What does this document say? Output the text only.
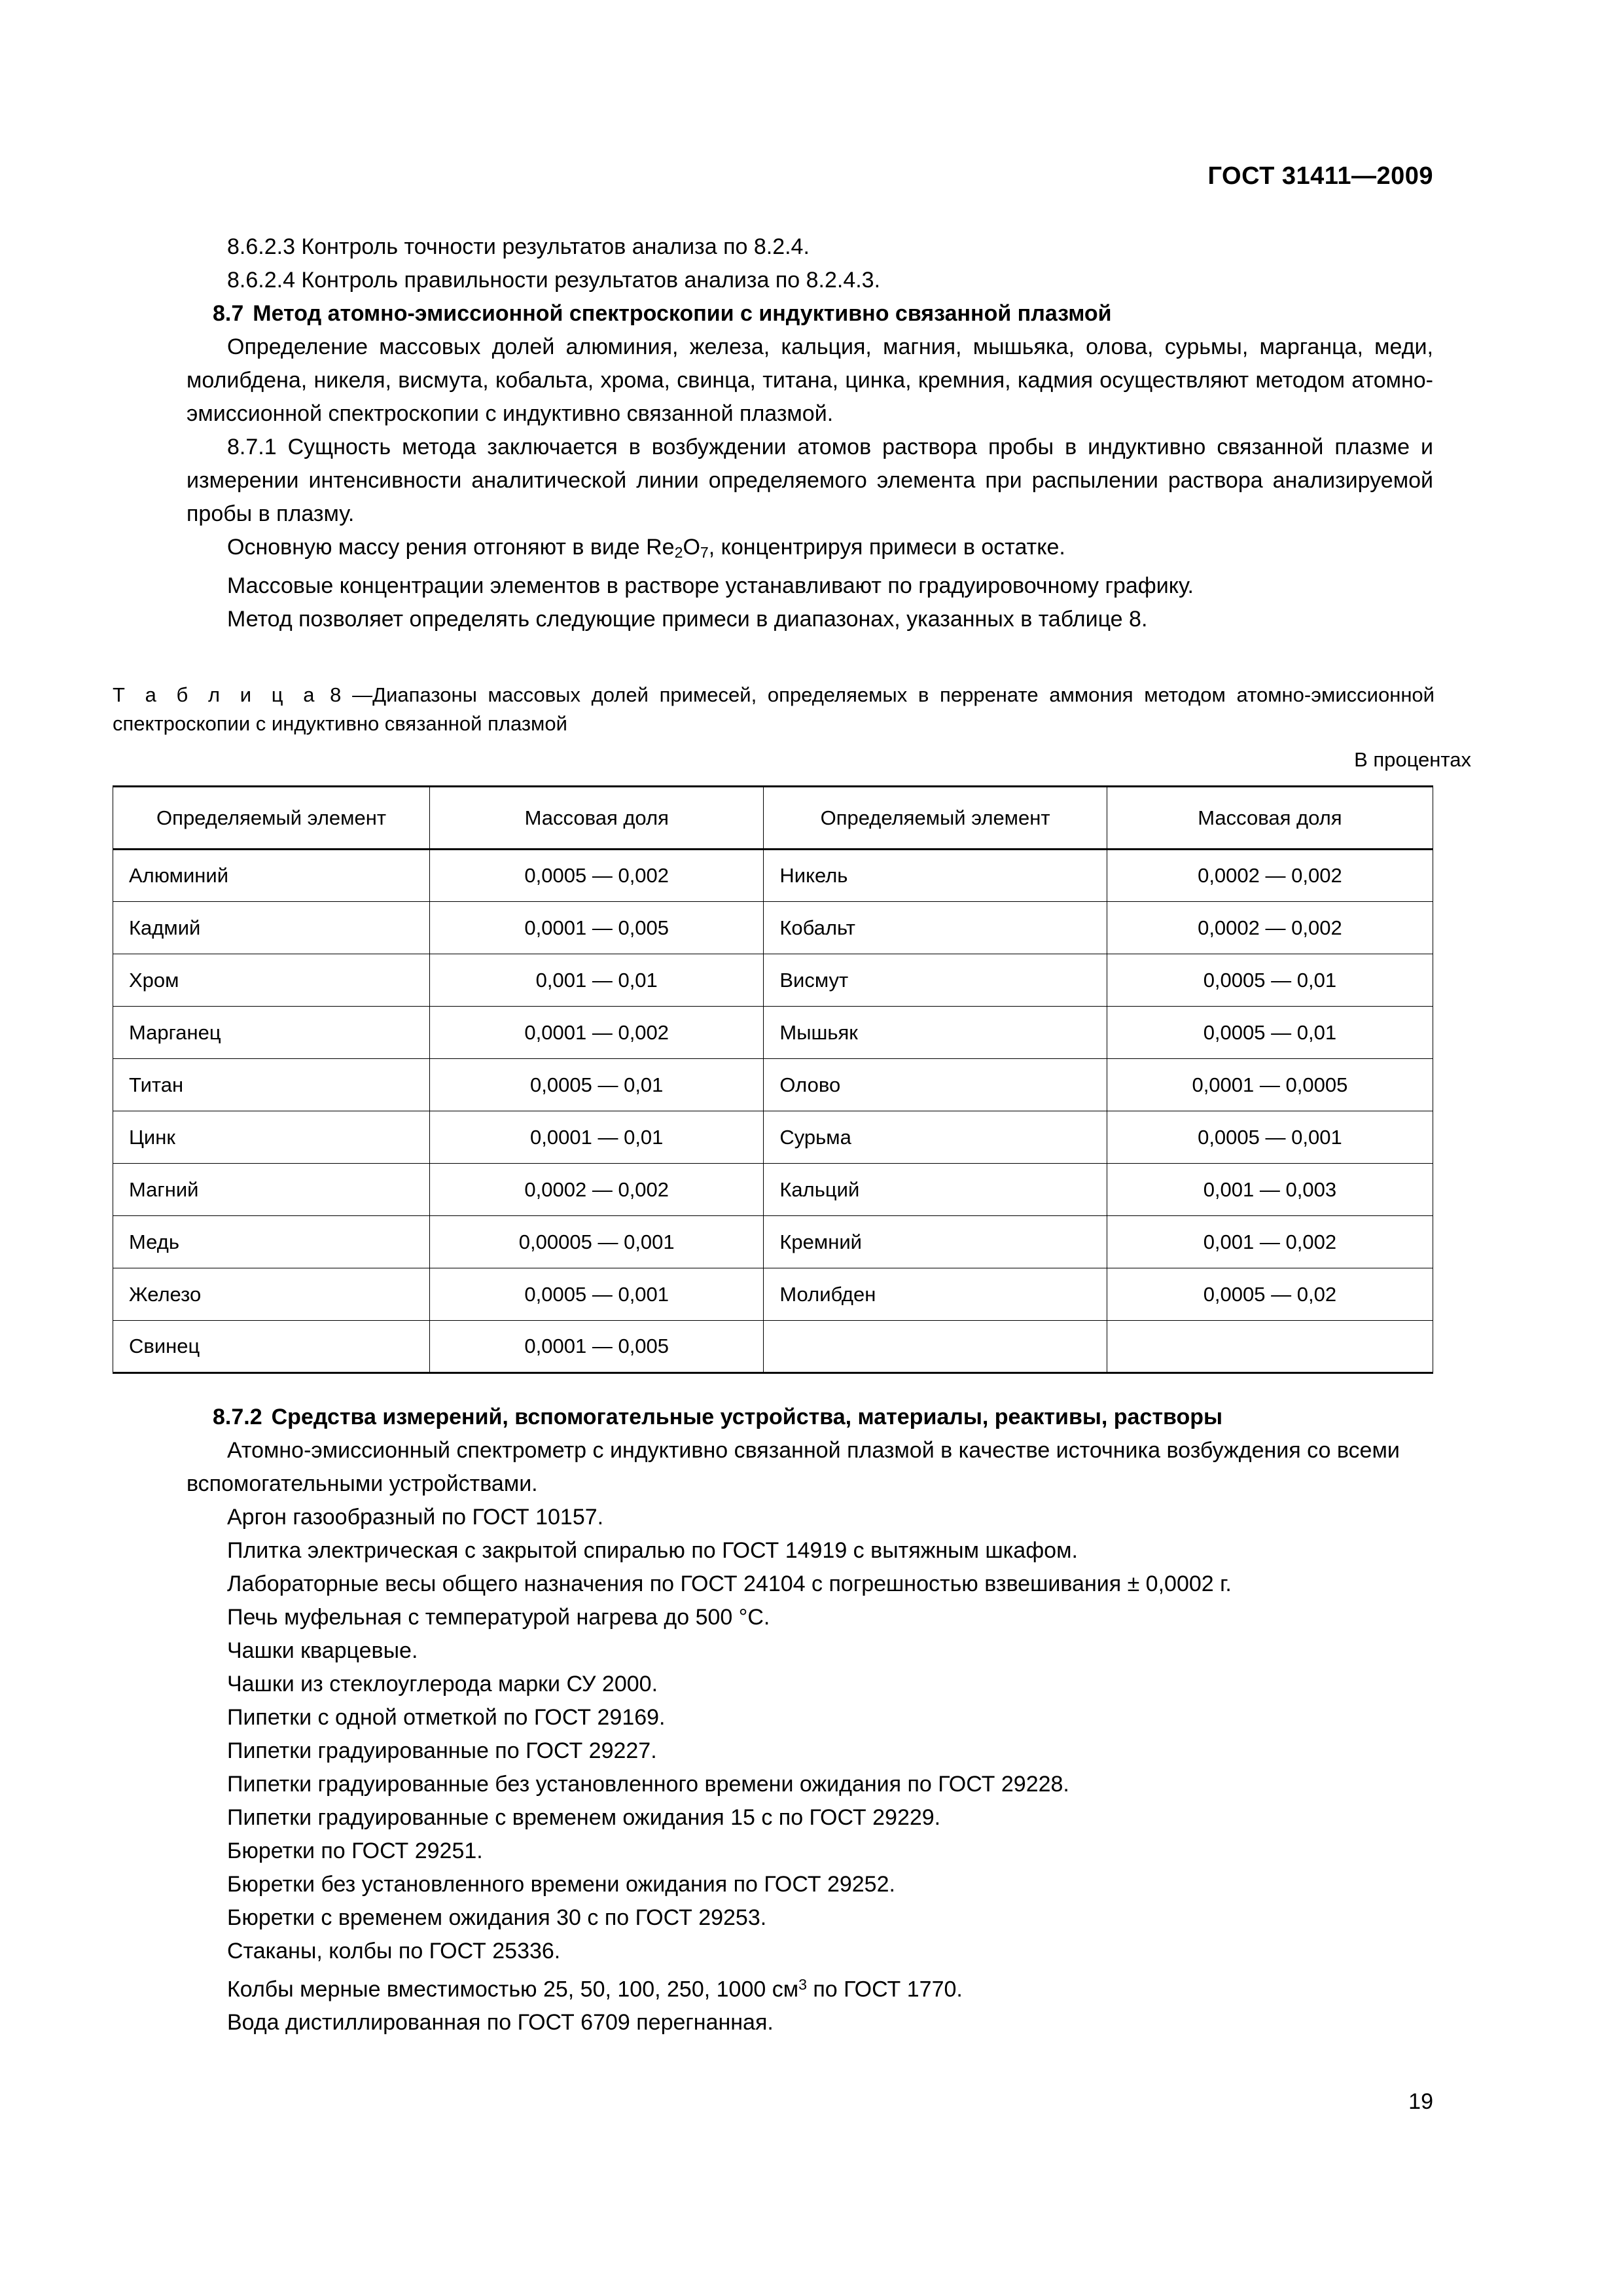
ГОСТ 31411—2009

8.6.2.3 Контроль точности результатов анализа по 8.2.4.

8.6.2.4 Контроль правильности результатов анализа по 8.2.4.3.

8.7 Метод атомно-эмиссионной спектроскопии с индуктивно связанной плазмой

Определение массовых долей алюминия, железа, кальция, магния, мышьяка, олова, сурьмы, марганца, меди, молибдена, никеля, висмута, кобальта, хрома, свинца, титана, цинка, кремния, кадмия осуществляют методом атомно-эмиссионной спектроскопии с индуктивно связанной плазмой.

8.7.1 Сущность метода заключается в возбуждении атомов раствора пробы в индуктивно связанной плазме и измерении интенсивности аналитической линии определяемого элемента при распылении раствора анализируемой пробы в плазму.

Основную массу рения отгоняют в виде $Re_2O_7$, концентрируя примеси в остатке.

Массовые концентрации элементов в растворе устанавливают по градуировочному графику.

Метод позволяет определять следующие примеси в диапазонах, указанных в таблице 8.

Т а б л и ц а 8 —Диапазоны массовых долей примесей, определяемых в перренате аммония методом атомно-эмиссионной спектроскопии с индуктивно связанной плазмой
В процентах
Определяемый элемент	Массовая доля	Определяемый элемент	Массовая доля
Алюминий	0,0005 — 0,002	Никель	0,0002 — 0,002
Кадмий	0,0001 — 0,005	Кобальт	0,0002 — 0,002
Хром	0,001 — 0,01	Висмут	0,0005 — 0,01
Марганец	0,0001 — 0,002	Мышьяк	0,0005 — 0,01
Титан	0,0005 — 0,01	Олово	0,0001 — 0,0005
Цинк	0,0001 — 0,01	Сурьма	0,0005 — 0,001
Магний	0,0002 — 0,002	Кальций	0,001 — 0,003
Медь	0,00005 — 0,001	Кремний	0,001 — 0,002
Железо	0,0005 — 0,001	Молибден	0,0005 — 0,02
Свинец	0,0001 — 0,005		
8.7.2 Средства измерений, вспомогательные устройства, материалы, реактивы, растворы

Атомно-эмиссионный спектрометр с индуктивно связанной плазмой в качестве источника возбуждения со всеми вспомогательными устройствами.

Аргон газообразный по ГОСТ 10157.

Плитка электрическая с закрытой спиралью по ГОСТ 14919 с вытяжным шкафом.

Лабораторные весы общего назначения по ГОСТ 24104 с погрешностью взвешивания ± 0,0002 г.

Печь муфельная с температурой нагрева до 500 °С.

Чашки кварцевые.

Чашки из стеклоуглерода марки СУ 2000.

Пипетки с одной отметкой по ГОСТ 29169.

Пипетки градуированные по ГОСТ 29227.

Пипетки градуированные без установленного времени ожидания по ГОСТ 29228.

Пипетки градуированные с временем ожидания 15 с по ГОСТ 29229.

Бюретки по ГОСТ 29251.

Бюретки без установленного времени ожидания по ГОСТ 29252.

Бюретки с временем ожидания 30 с по ГОСТ 29253.

Стаканы, колбы по ГОСТ 25336.

Колбы мерные вместимостью 25, 50, 100, 250, 1000 $см^3$ по ГОСТ 1770.

Вода дистиллированная по ГОСТ 6709 перегнанная.

19
